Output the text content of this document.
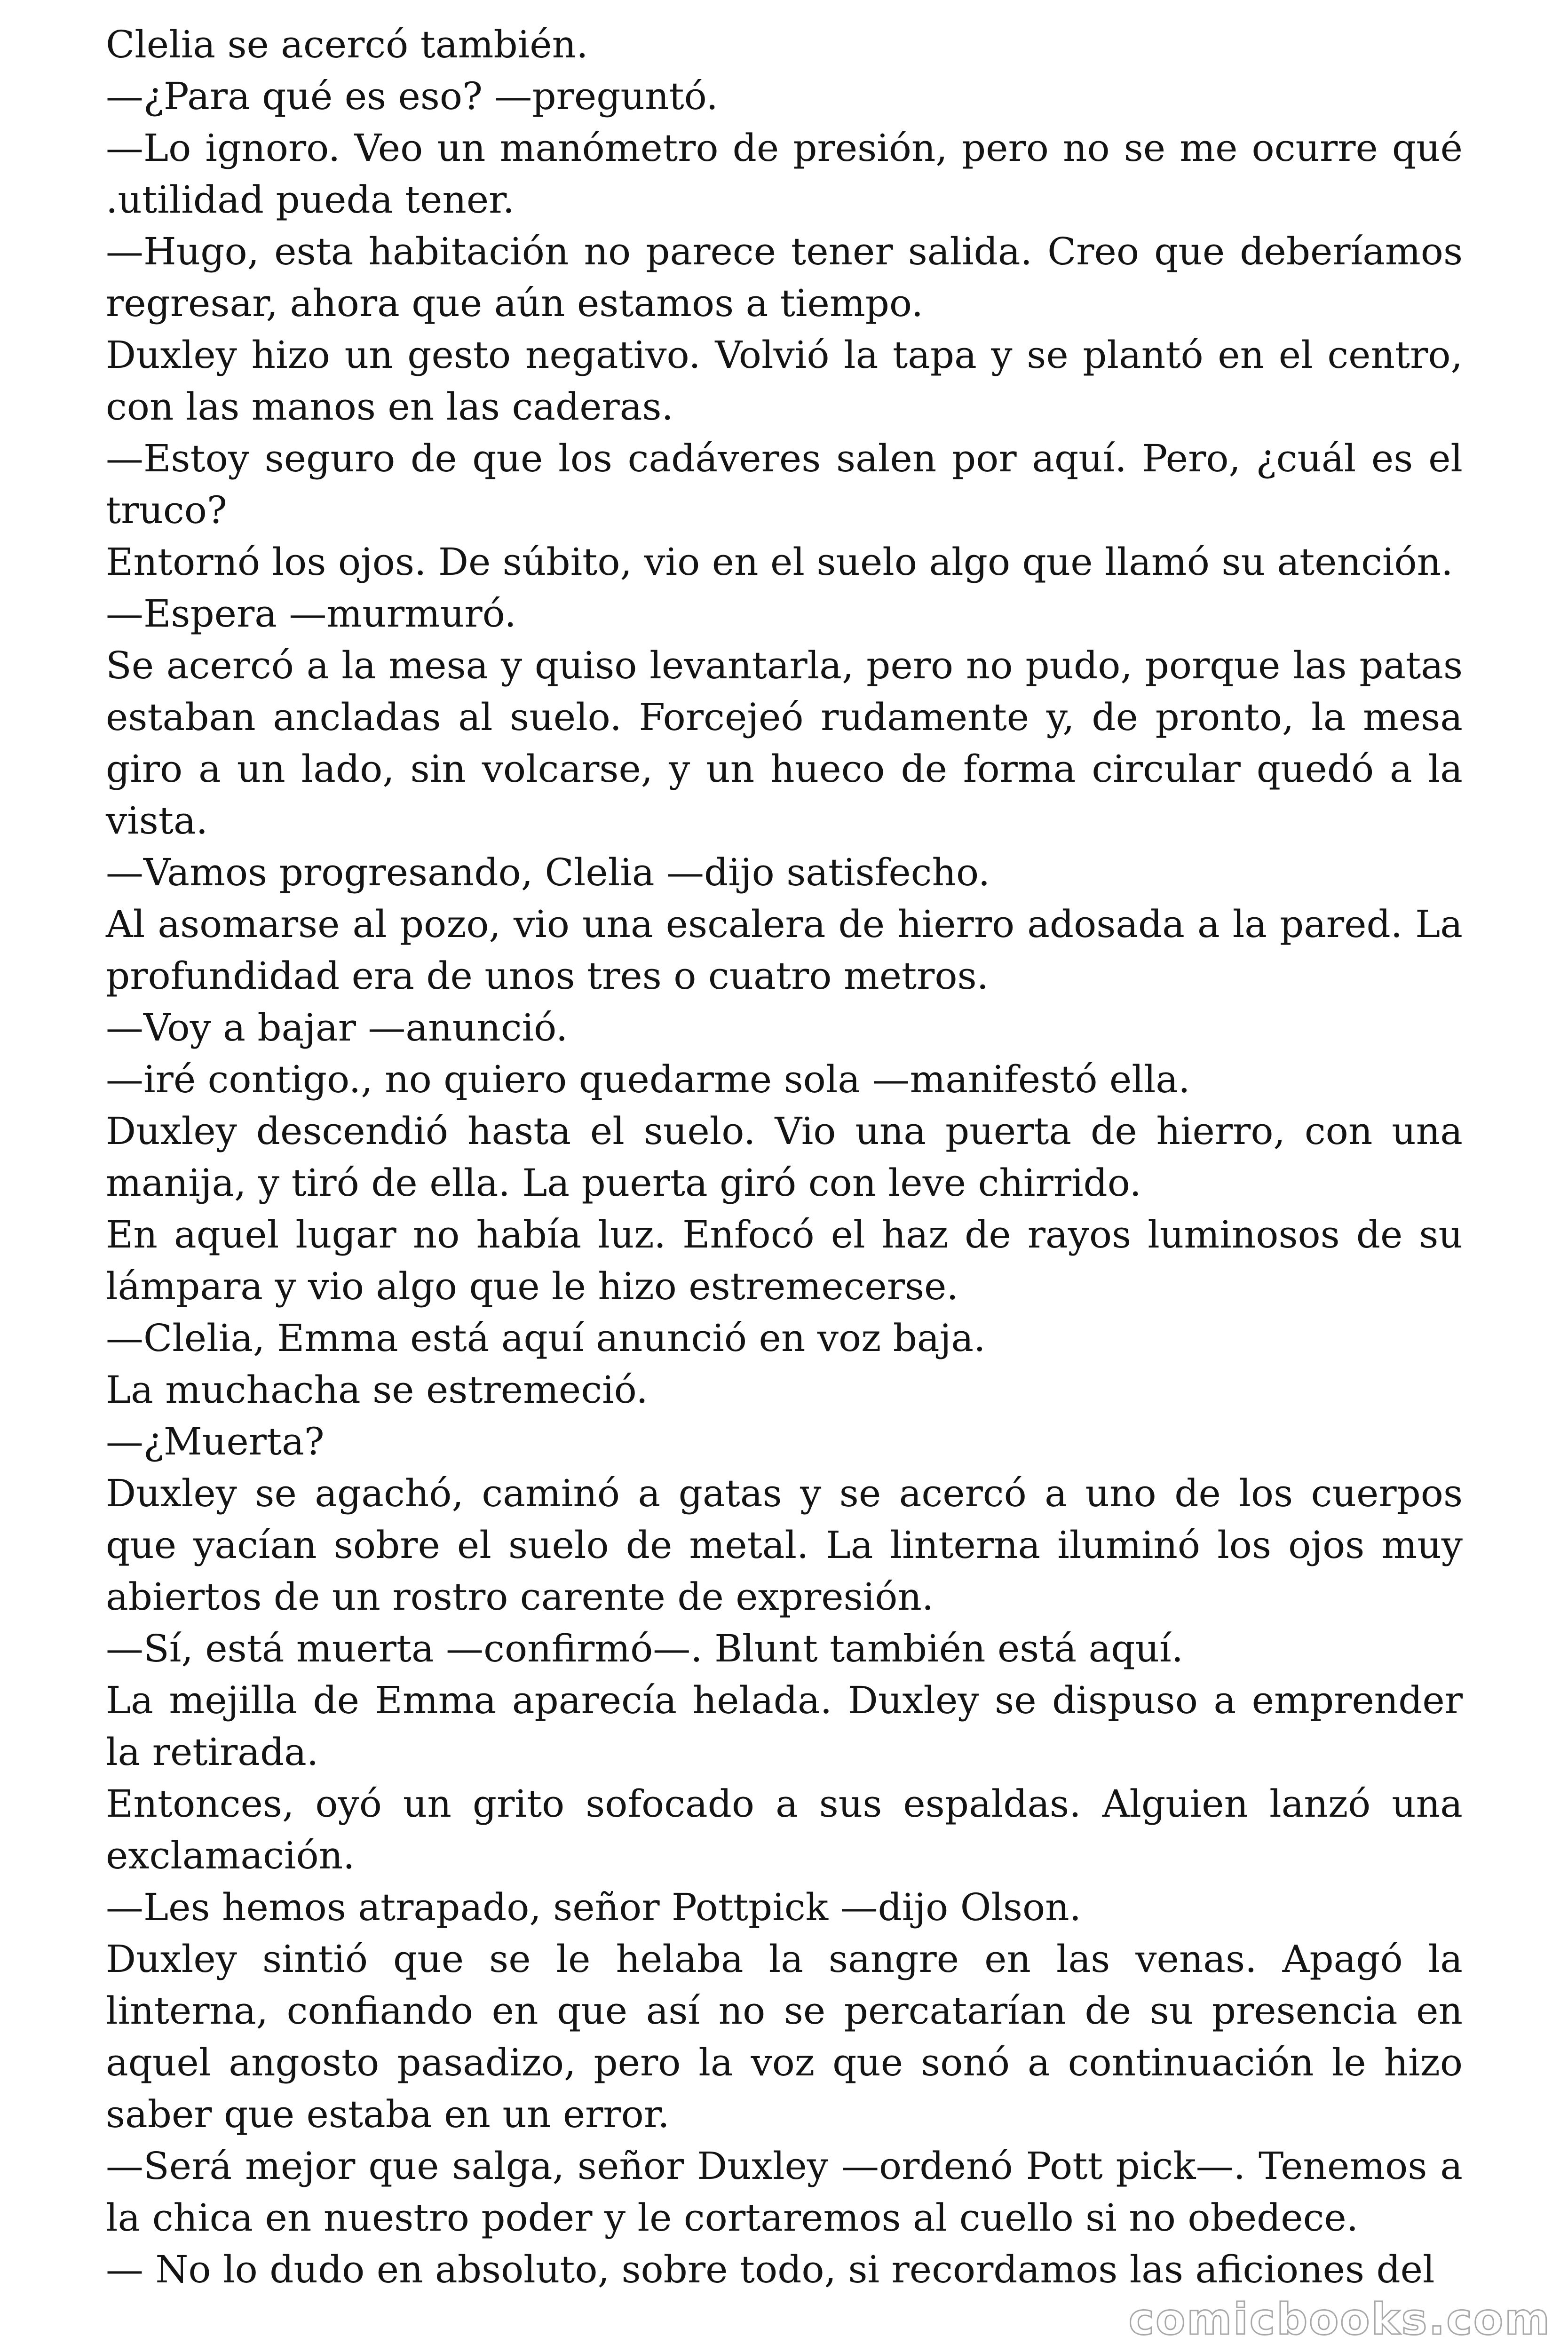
Clelia se acercó también.

—¿Para qué es eso? —preguntó.

—Lo ignoro. Veo un manómetro de presión, pero no se me ocurre qué .utilidad pueda tener.

—Hugo, esta habitación no parece tener salida. Creo que deberíamos regresar, ahora que aún estamos a tiempo.

Duxley hizo un gesto negativo. Volvió la tapa y se plantó en el centro, con las manos en las caderas.

—Estoy seguro de que los cadáveres salen por aquí. Pero, ¿cuál es el truco?

Entornó los ojos. De súbito, vio en el suelo algo que llamó su atención.

—Espera —murmuró.

Se acercó a la mesa y quiso levantarla, pero no pudo, porque las patas estaban ancladas al suelo. Forcejeó rudamente y, de pronto, la mesa giro a un lado, sin volcarse, y un hueco de forma circular quedó a la vista.

—Vamos progresando, Clelia —dijo satisfecho.

Al asomarse al pozo, vio una escalera de hierro adosada a la pared. La profundidad era de unos tres o cuatro metros.

—Voy a bajar —anunció.

—iré contigo., no quiero quedarme sola —manifestó ella.

Duxley descendió hasta el suelo. Vio una puerta de hierro, con una manija, y tiró de ella. La puerta giró con leve chirrido.

En aquel lugar no había luz. Enfocó el haz de rayos luminosos de su lámpara y vio algo que le hizo estremecerse.

—Clelia, Emma está aquí anunció en voz baja.

La muchacha se estremeció.

—¿Muerta?

Duxley se agachó, caminó a gatas y se acercó a uno de los cuerpos que yacían sobre el suelo de metal. La linterna iluminó los ojos muy abiertos de un rostro carente de expresión.

—Sí, está muerta —confirmó—. Blunt también está aquí.

La mejilla de Emma aparecía helada. Duxley se dispuso a emprender la retirada.

Entonces, oyó un grito sofocado a sus espaldas. Alguien lanzó una exclamación.

—Les hemos atrapado, señor Pottpick —dijo Olson.

Duxley sintió que se le helaba la sangre en las venas. Apagó la linterna, confiando en que así no se percatarían de su presencia en aquel angosto pasadizo, pero la voz que sonó a continuación le hizo saber que estaba en un error.

—Será mejor que salga, señor Duxley —ordenó Pott pick—. Tenemos a la chica en nuestro poder y le cortaremos al cuello si no obedece.

— No lo dudo en absoluto, sobre todo, si recordamos las aficiones del

comicbooks.com
